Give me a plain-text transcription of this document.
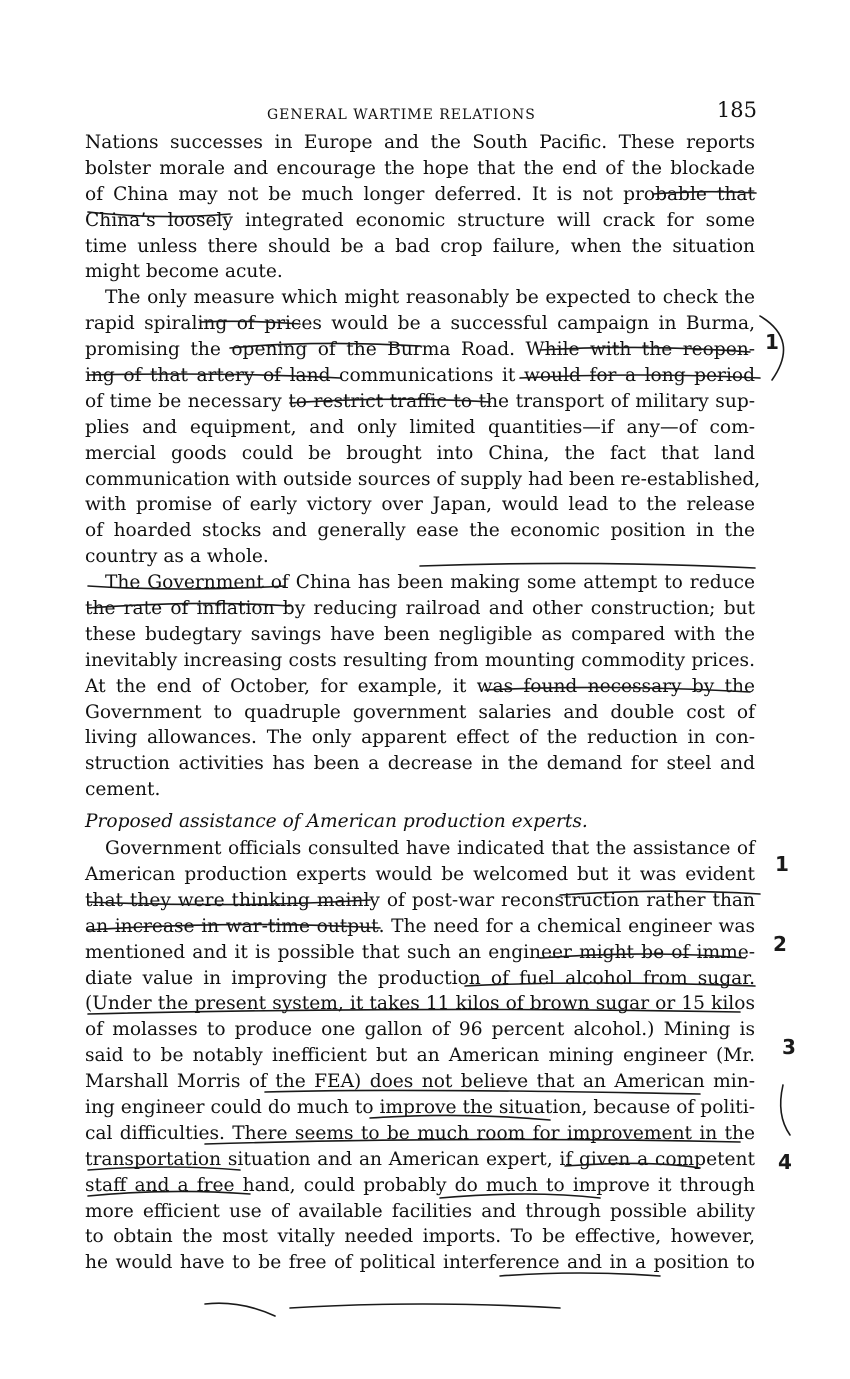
GENERAL WARTIME RELATIONS	185
Nations successes in Europe and the South Pacific. These reports
bolster morale and encourage the hope that the end of the blockade
of China may not be much longer deferred. It is not probable that
China’s loosely integrated economic structure will crack for some
time unless there should be a bad crop failure, when the situation
might become acute.
The only measure which might reasonably be expected to check the
rapid spiraling of prices would be a successful campaign in Burma,
promising the opening of the Burma Road. While with the reopen-
ing of that artery of land communications it would for a long period
of time be necessary to restrict traffic to the transport of military sup-
plies and equipment, and only limited quantities—if any—of com-
mercial goods could be brought into China, the fact that land
communication with outside sources of supply had been re-established,
with promise of early victory over Japan, would lead to the release
of hoarded stocks and generally ease the economic position in the
country as a whole.
The Government of China has been making some attempt to reduce
the rate of inflation by reducing railroad and other construction; but
these budegtary savings have been negligible as compared with the
inevitably increasing costs resulting from mounting commodity prices.
At the end of October, for example, it was found necessary by the
Government to quadruple government salaries and double cost of
living allowances. The only apparent effect of the reduction in con-
struction activities has been a decrease in the demand for steel and
cement.
Proposed assistance of American production experts.
Government officials consulted have indicated that the assistance of
American production experts would be welcomed but it was evident
that they were thinking mainly of post-war reconstruction rather than
an increase in war-time output. The need for a chemical engineer was
mentioned and it is possible that such an engineer might be of imme-
diate value in improving the production of fuel alcohol from sugar.
(Under the present system, it takes 11 kilos of brown sugar or 15 kilos
of molasses to produce one gallon of 96 percent alcohol.) Mining is
said to be notably inefficient but an American mining engineer (Mr.
Marshall Morris of the FEA) does not believe that an American min-
ing engineer could do much to improve the situation, because of politi-
cal difficulties. There seems to be much room for improvement in the
transportation situation and an American expert, if given a competent
staff and a free hand, could probably do much to improve it through
more efficient use of available facilities and through possible ability
to obtain the most vitally needed imports. To be effective, however,
he would have to be free of political interference and in a position to
1
1
2
3
4
